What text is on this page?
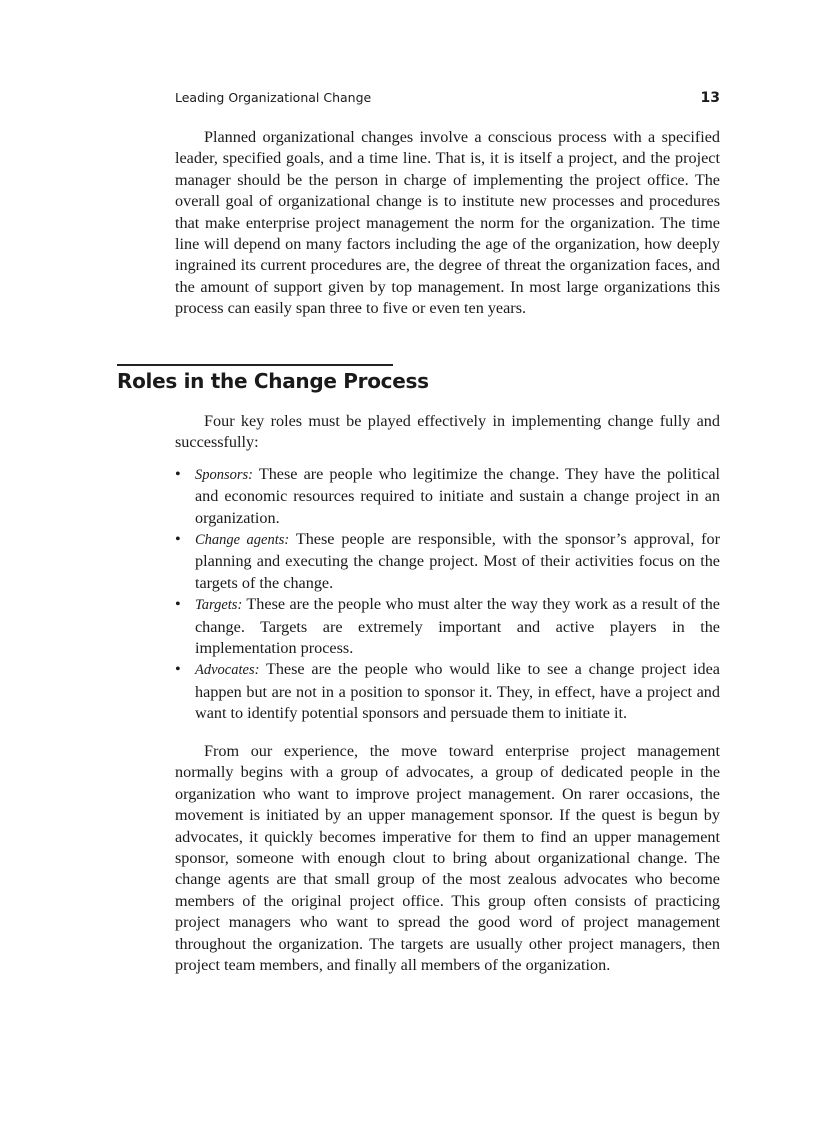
Leading Organizational Change	13

Planned organizational changes involve a conscious process with a specified leader, specified goals, and a time line. That is, it is itself a project, and the project manager should be the person in charge of implementing the project office. The overall goal of organizational change is to institute new processes and procedures that make enterprise project management the norm for the organization. The time line will depend on many factors including the age of the organization, how deeply ingrained its current procedures are, the degree of threat the organization faces, and the amount of support given by top management. In most large organizations this process can easily span three to five or even ten years.

Roles in the Change Process

Four key roles must be played effectively in implementing change fully and successfully:

• Sponsors: These are people who legitimize the change. They have the political and economic resources required to initiate and sustain a change project in an organization.
• Change agents: These people are responsible, with the sponsor’s approval, for planning and executing the change project. Most of their activities focus on the targets of the change.
• Targets: These are the people who must alter the way they work as a result of the change. Targets are extremely important and active players in the implementation process.
• Advocates: These are the people who would like to see a change project idea happen but are not in a position to sponsor it. They, in effect, have a project and want to identify potential sponsors and persuade them to initiate it.

From our experience, the move toward enterprise project management normally begins with a group of advocates, a group of dedicated people in the organization who want to improve project management. On rarer occasions, the movement is initiated by an upper management sponsor. If the quest is begun by advocates, it quickly becomes imperative for them to find an upper management sponsor, someone with enough clout to bring about organizational change. The change agents are that small group of the most zealous advocates who become members of the original project office. This group often consists of practicing project managers who want to spread the good word of project management throughout the organization. The targets are usually other project managers, then project team members, and finally all members of the organization.
